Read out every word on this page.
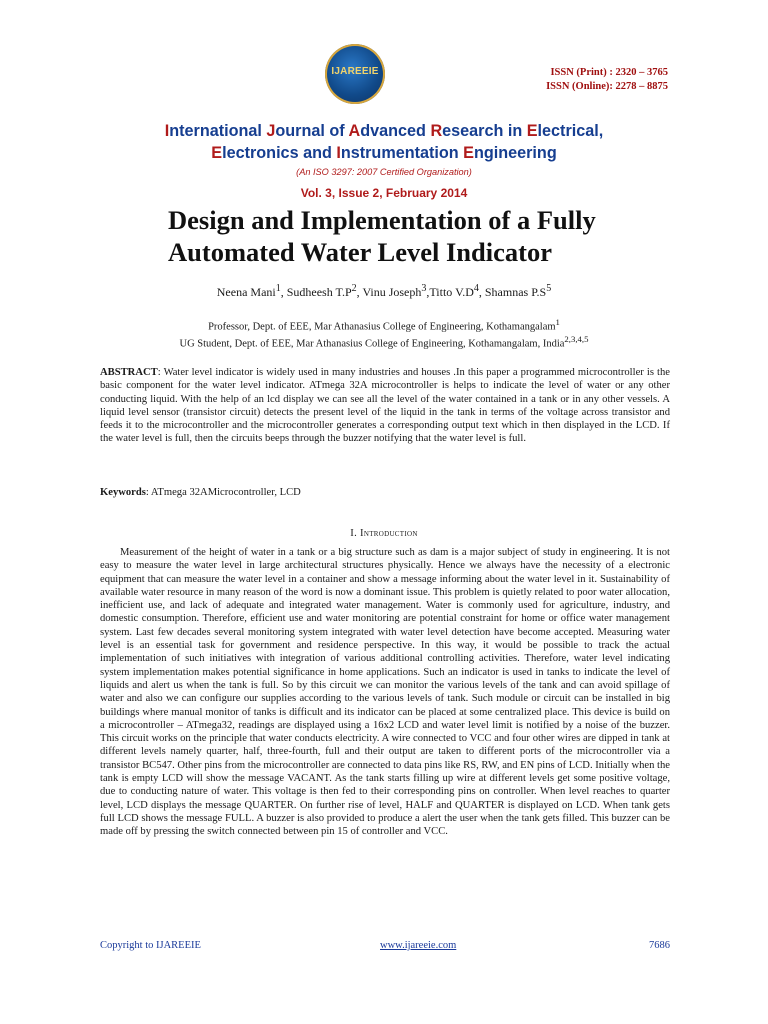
IJAREEIE	ISSN (Print) : 2320 – 3765
ISSN (Online): 2278 – 8875
International Journal of Advanced Research in Electrical,
Electronics and Instrumentation Engineering
(An ISO 3297: 2007 Certified Organization)
Vol. 3, Issue 2, February 2014
Design and Implementation of a Fully
Automated Water Level Indicator
Neena Mani$^1$, Sudheesh $T.P^2$, Vinu Joseph$^3$,Titto $V.D^4$, Shamnas $P.S^5$
Professor, Dept. of EEE, Mar Athanasius College of Engineering, Kothamangalam$^1$
UG Student, Dept. of EEE, Mar Athanasius College of Engineering, Kothamangalam, India$^{2,3,4,5}$
ABSTRACT: Water level indicator is widely used in many industries and houses .In this paper a programmed microcontroller is the basic component for the water level indicator. ATmega 32A microcontroller is helps to indicate the level of water or any other conducting liquid. With the help of an lcd display we can see all the level of the water contained in a tank or in any other vessels. A liquid level sensor (transistor circuit) detects the present level of the liquid in the tank in terms of the voltage across transistor and feeds it to the microcontroller and the microcontroller generates a corresponding output text which in then displayed in the LCD. If the water level is full, then the circuits beeps through the buzzer notifying that the water level is full.
Keywords: ATmega 32AMicrocontroller, LCD
I. Introduction
Measurement of the height of water in a tank or a big structure such as dam is a major subject of study in engineering. It is not easy to measure the water level in large architectural structures physically. Hence we always have the necessity of a electronic equipment that can measure the water level in a container and show a message informing about the water level in it. Sustainability of available water resource in many reason of the word is now a dominant issue. This problem is quietly related to poor water allocation, inefficient use, and lack of adequate and integrated water management. Water is commonly used for agriculture, industry, and domestic consumption. Therefore, efficient use and water monitoring are potential constraint for home or office water management system. Last few decades several monitoring system integrated with water level detection have become accepted. Measuring water level is an essential task for government and residence perspective. In this way, it would be possible to track the actual implementation of such initiatives with integration of various additional controlling activities. Therefore, water level indicating system implementation makes potential significance in home applications. Such an indicator is used in tanks to indicate the level of liquids and alert us when the tank is full. So by this circuit we can monitor the various levels of the tank and can avoid spillage of water and also we can configure our supplies according to the various levels of tank. Such module or circuit can be installed in big buildings where manual monitor of tanks is difficult and its indicator can be placed at some centralized place. This device is build on a microcontroller – ATmega32, readings are displayed using a 16x2 LCD and water level limit is notified by a noise of the buzzer. This circuit works on the principle that water conducts electricity. A wire connected to VCC and four other wires are dipped in tank at different levels namely quarter, half, three-fourth, full and their output are taken to different ports of the microcontroller via a transistor BC547. Other pins from the microcontroller are connected to data pins like RS, RW, and EN pins of LCD. Initially when the tank is empty LCD will show the message VACANT. As the tank starts filling up wire at different levels get some positive voltage, due to conducting nature of water. This voltage is then fed to their corresponding pins on controller. When level reaches to quarter level, LCD displays the message QUARTER. On further rise of level, HALF and QUARTER is displayed on LCD. When tank gets full LCD shows the message FULL. A buzzer is also provided to produce a alert the user when the tank gets filled. This buzzer can be made off by pressing the switch connected between pin 15 of controller and VCC.
Copyright to IJAREEIE	www.ijareeie.com	7686
